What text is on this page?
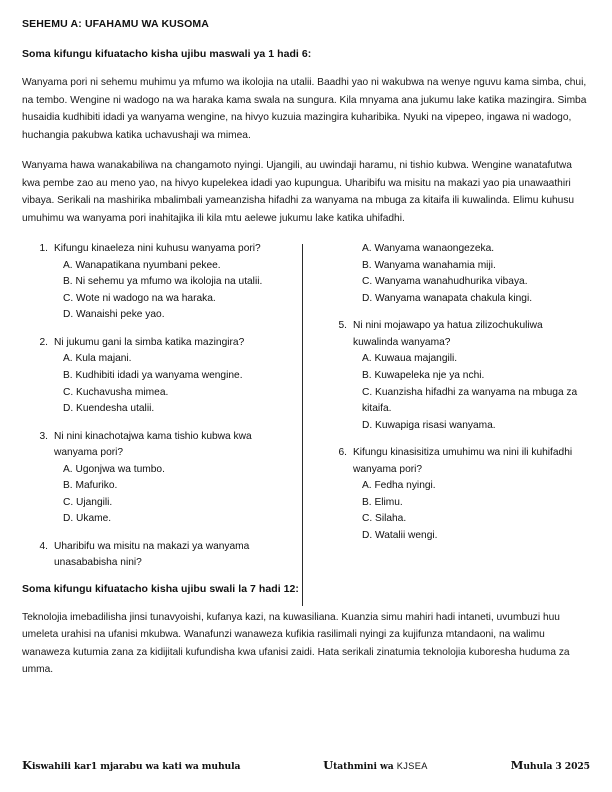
SEHEMU A: UFAHAMU WA KUSOMA
Soma kifungu kifuatacho kisha ujibu maswali ya 1 hadi 6:

Wanyama pori ni sehemu muhimu ya mfumo wa ikolojia na utalii. Baadhi yao ni wakubwa na wenye nguvu kama simba, chui, na tembo. Wengine ni wadogo na wa haraka kama swala na sungura. Kila mnyama ana jukumu lake katika mazingira. Simba husaidia kudhibiti idadi ya wanyama wengine, na hivyo kuzuia mazingira kuharibika. Nyuki na vipepeo, ingawa ni wadogo, huchangia pakubwa katika uchavushaji wa mimea.

Wanyama hawa wanakabiliwa na changamoto nyingi. Ujangili, au uwindaji haramu, ni tishio kubwa. Wengine wanatafutwa kwa pembe zao au meno yao, na hivyo kupelekea idadi yao kupungua. Uharibifu wa misitu na makazi yao pia unawaathiri vibaya. Serikali na mashirika mbalimbali yameanzisha hifadhi za wanyama na mbuga za kitaifa ili kuwalinda. Elimu kuhusu umuhimu wa wanyama pori inahitajika ili kila mtu aelewe jukumu lake katika uhifadhi.

1. Kifungu kinaeleza nini kuhusu wanyama pori?
A. Wanapatikana nyumbani pekee.
B. Ni sehemu ya mfumo wa ikolojia na utalii.
C. Wote ni wadogo na wa haraka.
D. Wanaishi peke yao.
2. Ni jukumu gani la simba katika mazingira?
A. Kula majani.
B. Kudhibiti idadi ya wanyama wengine.
C. Kuchavusha mimea.
D. Kuendesha utalii.
3. Ni nini kinachotajwa kama tishio kubwa kwa wanyama pori?
A. Ugonjwa wa tumbo.
B. Mafuriko.
C. Ujangili.
D. Ukame.
4. Uharibifu wa misitu na makazi ya wanyama unasababisha nini?
A. Wanyama wanaongezeka.
B. Wanyama wanahamia miji.
C. Wanyama wanahudhurika vibaya.
D. Wanyama wanapata chakula kingi.
5. Ni nini mojawapo ya hatua zilizochukuliwa kuwalinda wanyama?
A. Kuwaua majangili.
B. Kuwapeleka nje ya nchi.
C. Kuanzisha hifadhi za wanyama na mbuga za kitaifa.
D. Kuwapiga risasi wanyama.
6. Kifungu kinasisitiza umuhimu wa nini ili kuhifadhi wanyama pori?
A. Fedha nyingi.
B. Elimu.
C. Silaha.
D. Watalii wengi.
Soma kifungu kifuatacho kisha ujibu swali la 7 hadi 12:

Teknolojia imebadilisha jinsi tunavyoishi, kufanya kazi, na kuwasiliana. Kuanzia simu mahiri hadi intaneti, uvumbuzi huu umeleta urahisi na ufanisi mkubwa. Wanafunzi wanaweza kufikia rasilimali nyingi za kujifunza mtandaoni, na walimu wanaweza kutumia zana za kidijitali kufundisha kwa ufanisi zaidi. Hata serikali zinatumia teknolojia kuboresha huduma za umma.

Kiswahili kar1 mjarabu wa kati wa muhula	Utathmini wa KJSEA	Muhula 3 2025
